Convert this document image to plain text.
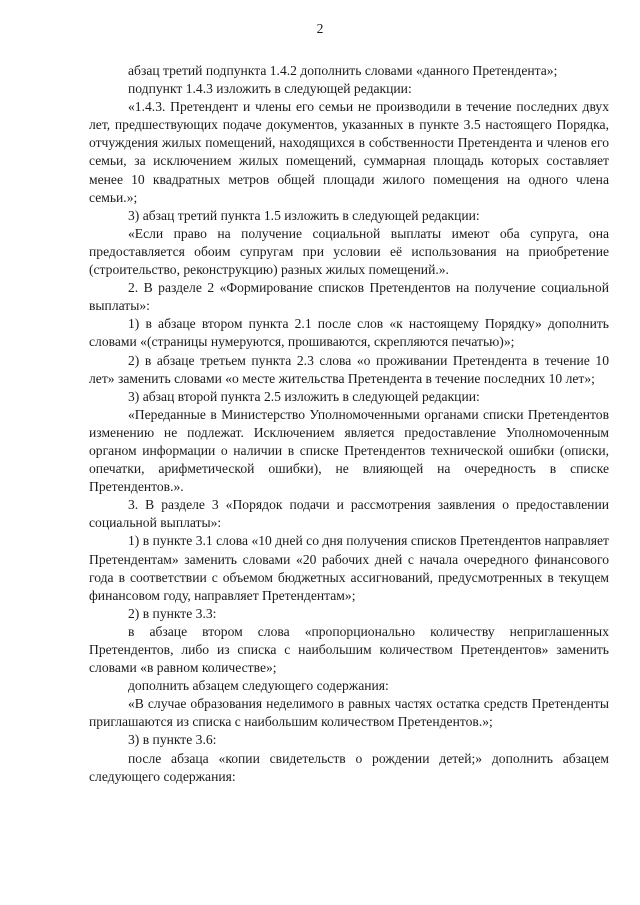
2

абзац третий подпункта 1.4.2 дополнить словами «данного Претендента»;

подпункт 1.4.3 изложить в следующей редакции:

«1.4.3. Претендент и члены его семьи не производили в течение последних двух лет, предшествующих подаче документов, указанных в пункте 3.5 настоящего Порядка, отчуждения жилых помещений, находящихся в собственности Претендента и членов его семьи, за исключением жилых помещений, суммарная площадь которых составляет менее 10 квадратных метров общей площади жилого помещения на одного члена семьи.»;

3) абзац третий пункта 1.5 изложить в следующей редакции:

«Если право на получение социальной выплаты имеют оба супруга, она предоставляется обоим супругам при условии её использования на приобретение (строительство, реконструкцию) разных жилых помещений.».

2. В разделе 2 «Формирование списков Претендентов на получение социальной выплаты»:

1) в абзаце втором пункта 2.1 после слов «к настоящему Порядку» дополнить словами «(страницы нумеруются, прошиваются, скрепляются печатью)»;

2) в абзаце третьем пункта 2.3 слова «о проживании Претендента в течение 10 лет» заменить словами «о месте жительства Претендента в течение последних 10 лет»;

3) абзац второй пункта 2.5 изложить в следующей редакции:

«Переданные в Министерство Уполномоченными органами списки Претендентов изменению не подлежат. Исключением является предоставление Уполномоченным органом информации о наличии в списке Претендентов технической ошибки (описки, опечатки, арифметической ошибки), не влияющей на очередность в списке Претендентов.».

3. В разделе 3 «Порядок подачи и рассмотрения заявления о предоставлении социальной выплаты»:

1) в пункте 3.1 слова «10 дней со дня получения списков Претендентов направляет Претендентам» заменить словами «20 рабочих дней с начала очередного финансового года в соответствии с объемом бюджетных ассигнований, предусмотренных в текущем финансовом году, направляет Претендентам»;

2) в пункте 3.3:

в абзаце втором слова «пропорционально количеству неприглашенных Претендентов, либо из списка с наибольшим количеством Претендентов» заменить словами «в равном количестве»;

дополнить абзацем следующего содержания:

«В случае образования неделимого в равных частях остатка средств Претенденты приглашаются из списка с наибольшим количеством Претендентов.»;

3) в пункте 3.6:

после абзаца «копии свидетельств о рождении детей;» дополнить абзацем следующего содержания:
